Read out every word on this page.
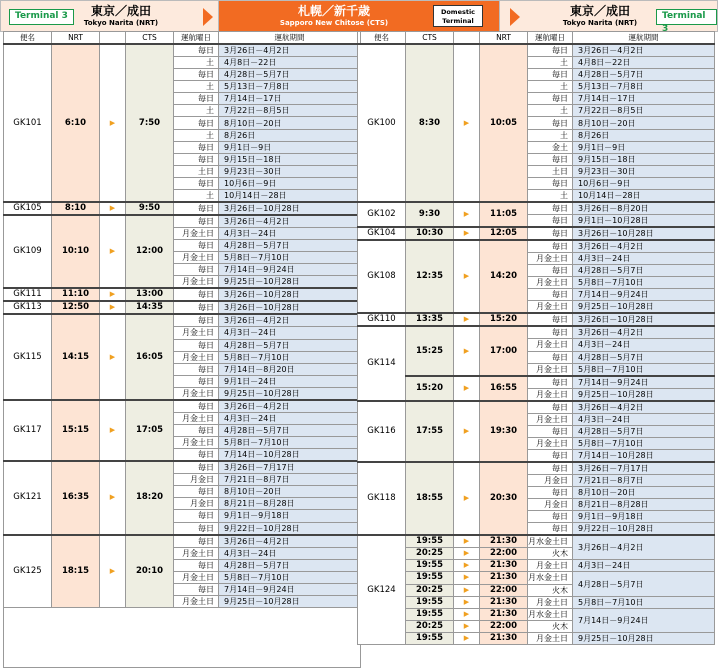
Terminal 3	東京／成田
Tokyo Narita (NRT)
札幌／新千歳
Sapporo New Chitose (CTS)
Domestic Terminal
東京／成田
Tokyo Narita (NRT)
Terminal 3
便名	NRT		CTS	運航曜日	運航期間
GK101	6:10	▶	7:50	毎日	3月26日－4月2日
				土	4月8日－22日
				毎日	4月28日－5月7日
				土	5月13日－7月8日
				毎日	7月14日－17日
				土	7月22日－8月5日
				毎日	8月10日－20日
				土	8月26日
				毎日	9月1日－9日
				毎日	9月15日－18日
				土日	9月23日－30日
				毎日	10月6日－9日
				土	10月14日－28日
GK105	8:10	▶	9:50	毎日	3月26日－10月28日
GK109	10:10	▶	12:00	毎日	3月26日－4月2日
				月金土日	4月3日－24日
				毎日	4月28日－5月7日
				月金土日	5月8日－7月10日
				毎日	7月14日－9月24日
				月金土日	9月25日－10月28日
GK111	11:10	▶	13:00	毎日	3月26日－10月28日
GK113	12:50	▶	14:35	毎日	3月26日－10月28日
GK115	14:15	▶	16:05	毎日	3月26日－4月2日
				月金土日	4月3日－24日
				毎日	4月28日－5月7日
				月金土日	5月8日－7月10日
				毎日	7月14日－8月20日
				毎日	9月1日－24日
				月金土日	9月25日－10月28日
GK117	15:15	▶	17:05	毎日	3月26日－4月2日
				月金土日	4月3日－24日
				毎日	4月28日－5月7日
				月金土日	5月8日－7月10日
				毎日	7月14日－10月28日
GK121	16:35	▶	18:20	毎日	3月26日－7月17日
				月金日	7月21日－8月7日
				毎日	8月10日－20日
				月金日	8月21日－8月28日
				毎日	9月1日－9月18日
				毎日	9月22日－10月28日
GK125	18:15	▶	20:10	毎日	3月26日－4月2日
				月金土日	4月3日－24日
				毎日	4月28日－5月7日
				月金土日	5月8日－7月10日
				毎日	7月14日－9月24日
				月金土日	9月25日－10月28日

便名	CTS		NRT	運航曜日	運航期間
GK100	8:30	▶	10:05	毎日	3月26日－4月2日
				土	4月8日－22日
				毎日	4月28日－5月7日
				土	5月13日－7月8日
				毎日	7月14日－17日
				土	7月22日－8月5日
				毎日	8月10日－20日
				土	8月26日
				金土	9月1日－9日
				毎日	9月15日－18日
				土日	9月23日－30日
				毎日	10月6日－9日
				土	10月14日－28日
GK102	9:30	▶	11:05	毎日	3月26日－8月20日
				毎日	9月1日－10月28日
GK104	10:30	▶	12:05	毎日	3月26日－10月28日
GK108	12:35	▶	14:20	毎日	3月26日－4月2日
				月金土日	4月3日－24日
				毎日	4月28日－5月7日
				月金土日	5月8日－7月10日
				毎日	7月14日－9月24日
				月金土日	9月25日－10月28日
GK110	13:35	▶	15:20	毎日	3月26日－10月28日
GK114	15:25	▶	17:00	毎日	3月26日－4月2日
				月金土日	4月3日－24日
				毎日	4月28日－5月7日
				月金土日	5月8日－7月10日
	15:20	▶	16:55	毎日	7月14日－9月24日
				月金土日	9月25日－10月28日
GK116	17:55	▶	19:30	毎日	3月26日－4月2日
				月金土日	4月3日－24日
				毎日	4月28日－5月7日
				月金土日	5月8日－7月10日
				毎日	7月14日－10月28日
GK118	18:55	▶	20:30	毎日	3月26日－7月17日
				月金日	7月21日－8月7日
				毎日	8月10日－20日
				月金日	8月21日－8月28日
				毎日	9月1日－9月18日
				毎日	9月22日－10月28日
GK124	19:55	▶	21:30	月水金土日	3月26日－4月2日
	20:25	▶	22:00	火木	
	19:55	▶	21:30	月金土日	4月3日－24日
	19:55	▶	21:30	月水金土日	4月28日－5月7日
	20:25	▶	22:00	火木	
	19:55	▶	21:30	月金土日	5月8日－7月10日
	19:55	▶	21:30	月水金土日	7月14日－9月24日
	20:25	▶	22:00	火木	
	19:55	▶	21:30	月金土日	9月25日－10月28日
